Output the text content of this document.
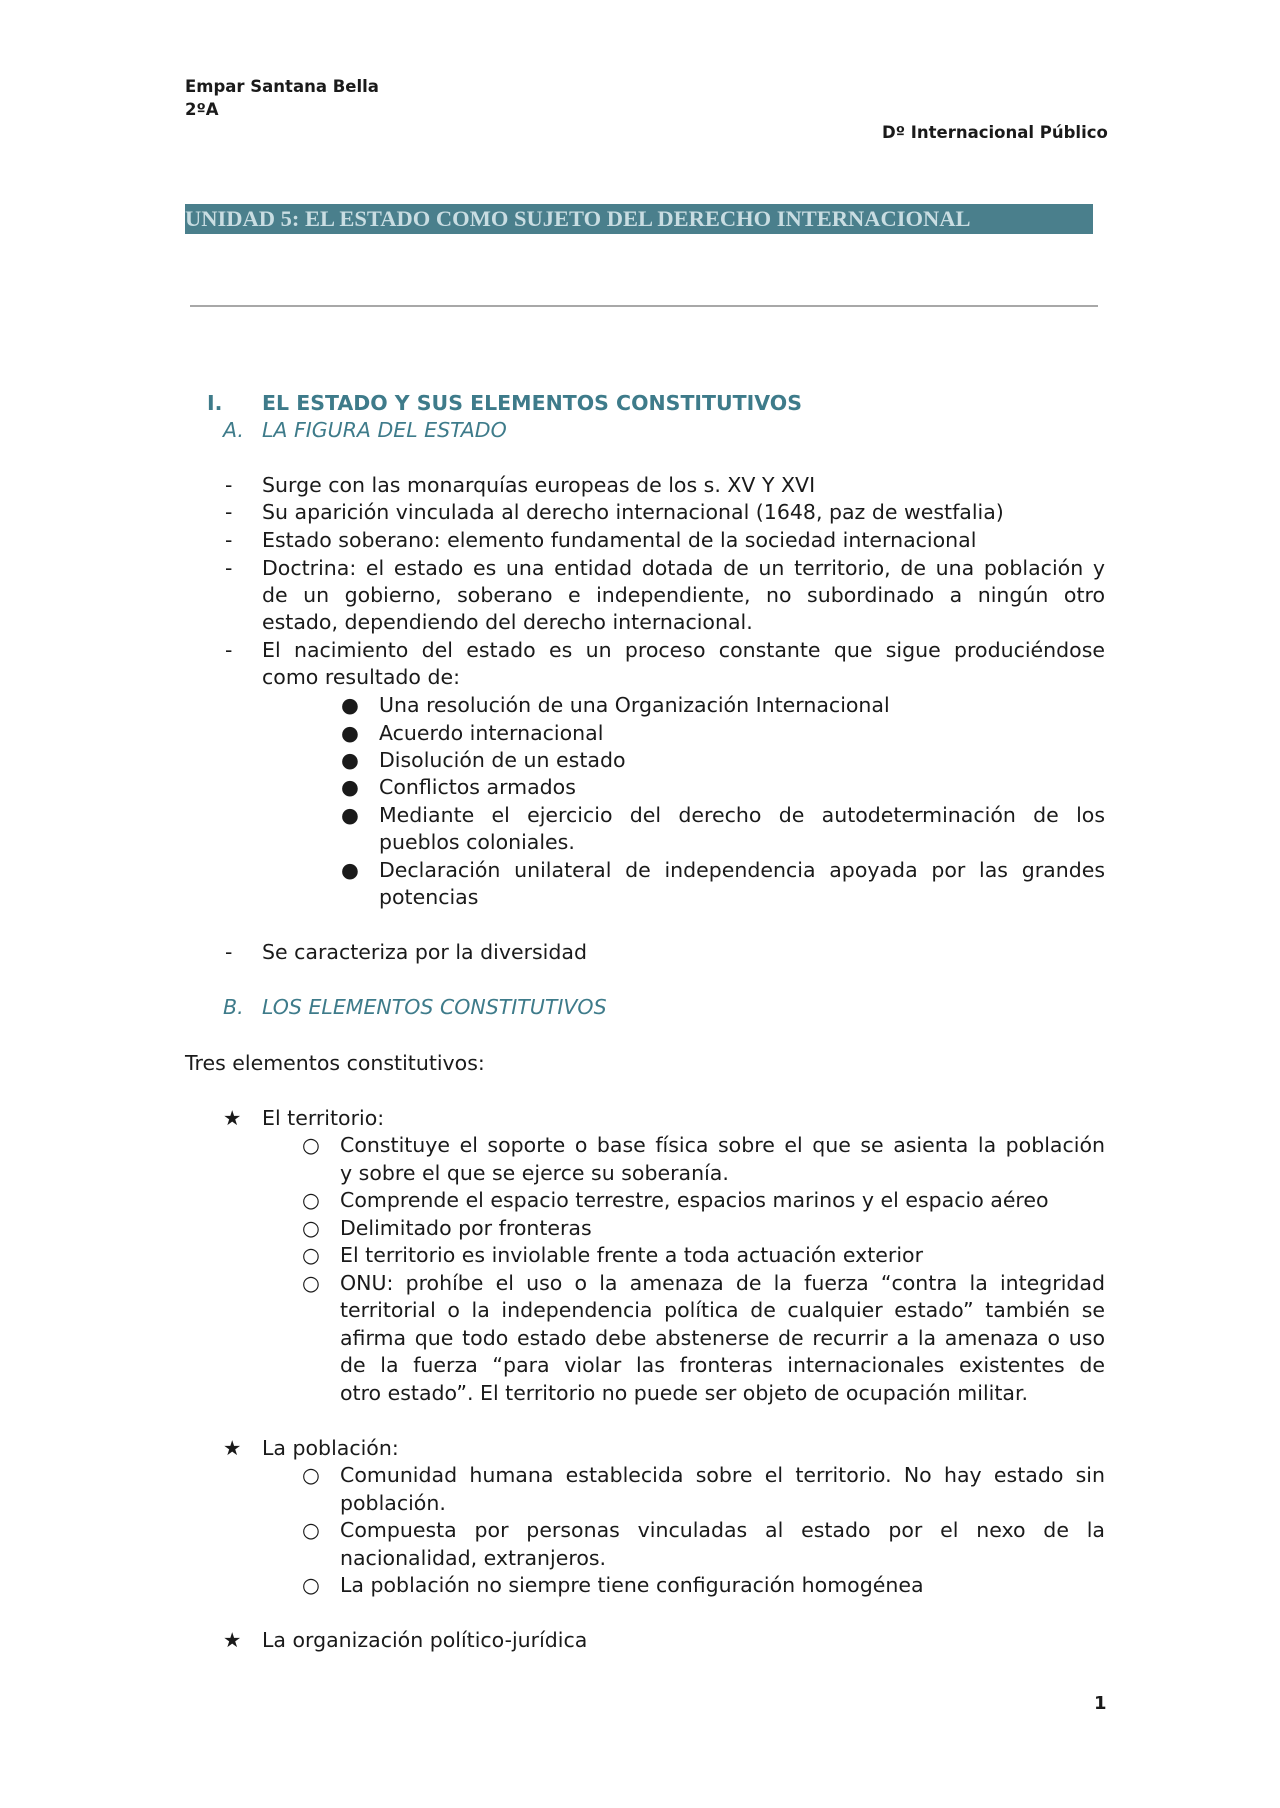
Empar Santana Bella
2ºA
Dº Internacional Público
UNIDAD 5: EL ESTADO COMO SUJETO DEL DERECHO INTERNACIONAL
I. EL ESTADO Y SUS ELEMENTOS CONSTITUTIVOS
A. LA FIGURA DEL ESTADO
- Surge con las monarquías europeas de los s. XV Y XVI
- Su aparición vinculada al derecho internacional (1648, paz de westfalia)
- Estado soberano: elemento fundamental de la sociedad internacional
- Doctrina: el estado es una entidad dotada de un territorio, de una población y
de un gobierno, soberano e independiente, no subordinado a ningún otro
estado, dependiendo del derecho internacional.
- El nacimiento del estado es un proceso constante que sigue produciéndose
como resultado de:
● Una resolución de una Organización Internacional
● Acuerdo internacional
● Disolución de un estado
● Conflictos armados
● Mediante el ejercicio del derecho de autodeterminación de los
pueblos coloniales.
● Declaración unilateral de independencia apoyada por las grandes
potencias
- Se caracteriza por la diversidad
B. LOS ELEMENTOS CONSTITUTIVOS
Tres elementos constitutivos:
★ El territorio:
○ Constituye el soporte o base física sobre el que se asienta la población
y sobre el que se ejerce su soberanía.
○ Comprende el espacio terrestre, espacios marinos y el espacio aéreo
○ Delimitado por fronteras
○ El territorio es inviolable frente a toda actuación exterior
○ ONU: prohíbe el uso o la amenaza de la fuerza “contra la integridad
territorial o la independencia política de cualquier estado” también se
afirma que todo estado debe abstenerse de recurrir a la amenaza o uso
de la fuerza “para violar las fronteras internacionales existentes de
otro estado”. El territorio no puede ser objeto de ocupación militar.
★ La población:
○ Comunidad humana establecida sobre el territorio. No hay estado sin
población.
○ Compuesta por personas vinculadas al estado por el nexo de la
nacionalidad, extranjeros.
○ La población no siempre tiene configuración homogénea
★ La organización político-jurídica
1
